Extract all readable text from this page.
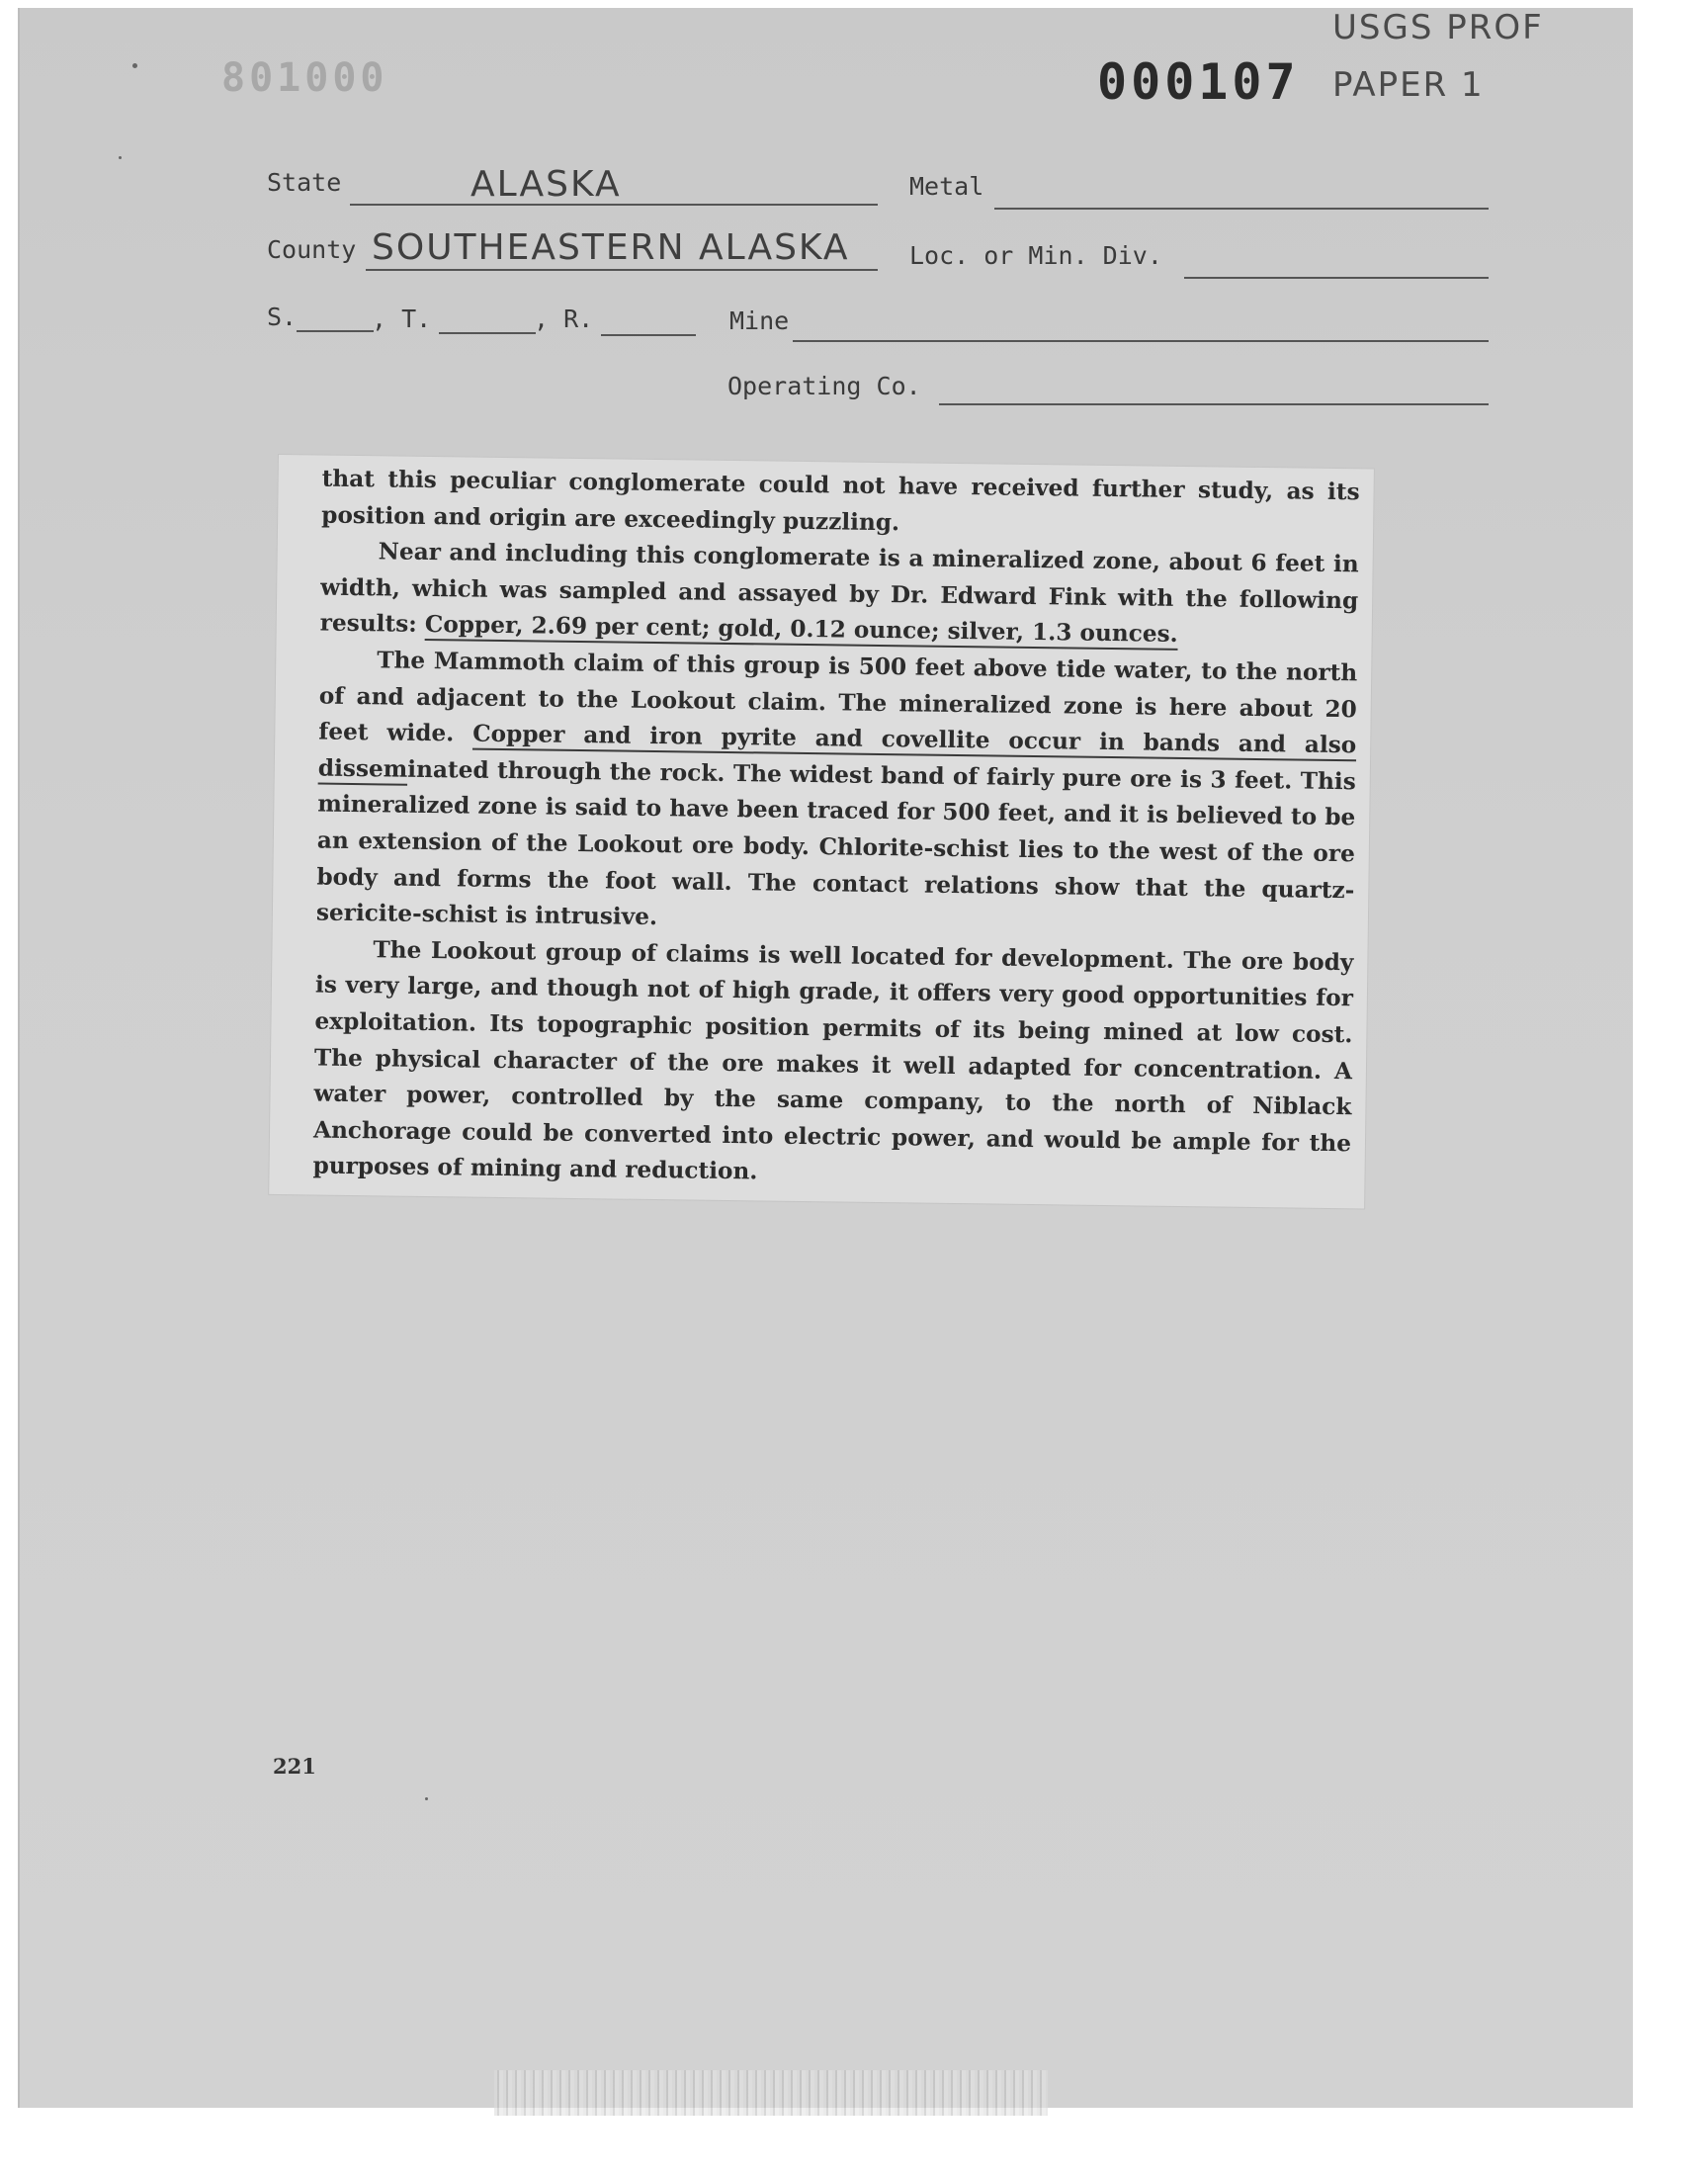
801000	000107
USGS PROF
PAPER 1
State	ALASKA	Metal
County SOUTHEASTERN ALASKA Loc. or Min. Div.
S.	, T.	, R.	Mine
Operating Co.

that this peculiar conglomerate could not have received further study, as its position and origin are exceedingly puzzling.

Near and including this conglomerate is a mineralized zone, about 6 feet in width, which was sampled and assayed by Dr. Edward Fink with the following results: Copper, 2.69 per cent; gold, 0.12 ounce; silver, 1.3 ounces.

The Mammoth claim of this group is 500 feet above tide water, to the north of and adjacent to the Lookout claim. The mineralized zone is here about 20 feet wide. Copper and iron pyrite and covellite occur in bands and also disseminated through the rock. The widest band of fairly pure ore is 3 feet. This mineralized zone is said to have been traced for 500 feet, and it is believed to be an extension of the Lookout ore body. Chlorite-schist lies to the west of the ore body and forms the foot wall. The contact relations show that the quartz-sericite-schist is intrusive.

The Lookout group of claims is well located for development. The ore body is very large, and though not of high grade, it offers very good opportunities for exploitation. Its topographic position permits of its being mined at low cost. The physical character of the ore makes it well adapted for concentration. A water power, controlled by the same company, to the north of Niblack Anchorage could be converted into electric power, and would be ample for the purposes of mining and reduction.

221
